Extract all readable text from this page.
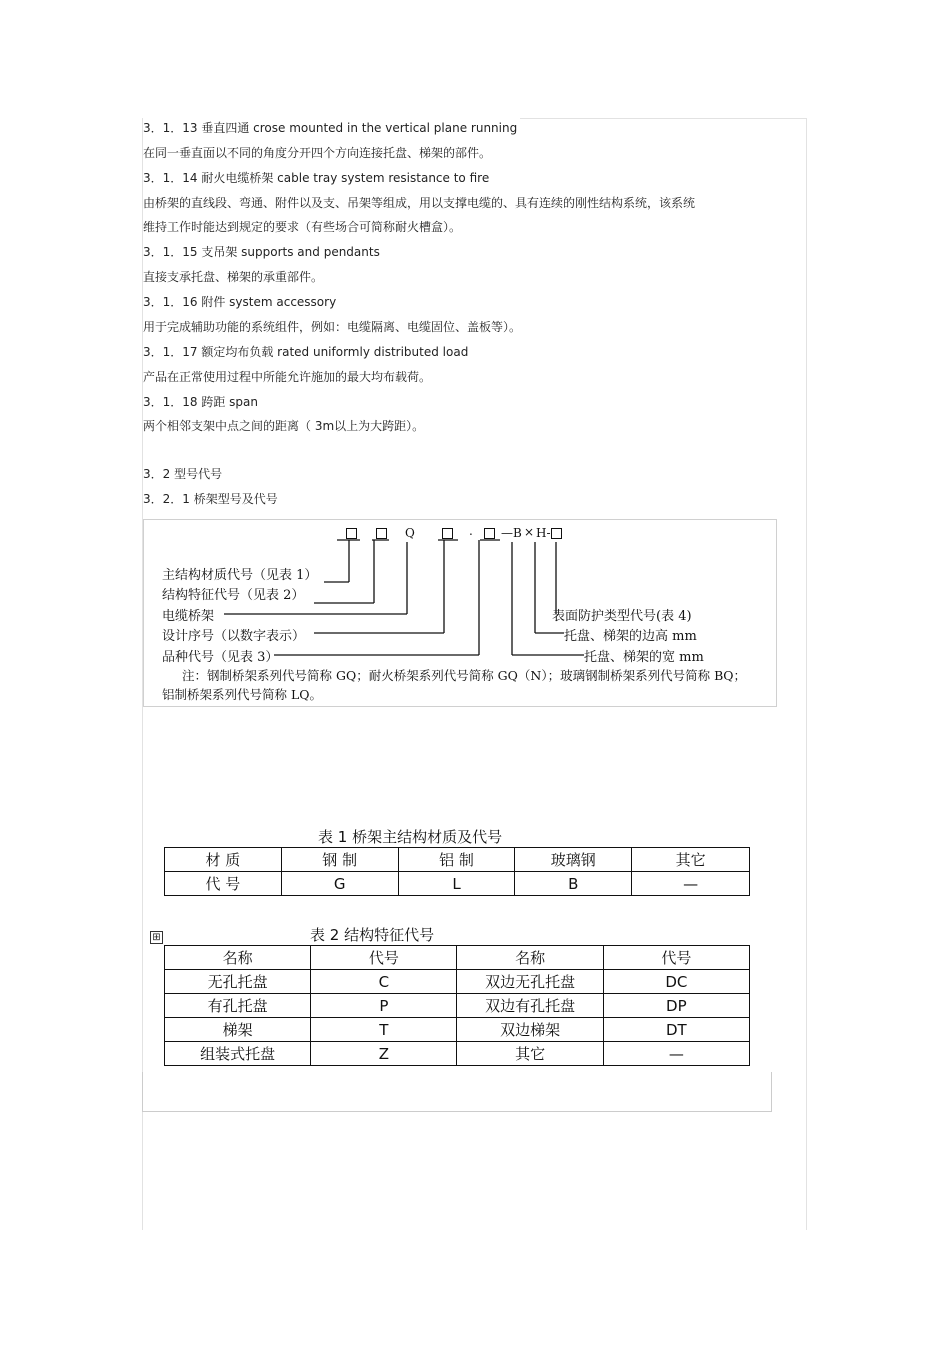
3．1．13 垂直四通 crose mounted in the vertical plane running
在同一垂直面以不同的角度分开四个方向连接托盘、梯架的部件。
3．1．14 耐火电缆桥架 cable tray system resistance to fire
由桥架的直线段、弯通、附件以及支、吊架等组成，用以支撑电缆的、具有连续的刚性结构系统，该系统
维持工作时能达到规定的要求（有些场合可简称耐火槽盒）。
3．1．15 支吊架 supports and pendants
直接支承托盘、梯架的承重部件。
3．1．16 附件 system accessory
用于完成辅助功能的系统组件，例如：电缆隔离、电缆固位、盖板等）。
3．1．17 额定均布负载 rated uniformly distributed load
产品在正常使用过程中所能允许施加的最大均布载荷。
3．1．18 跨距 span
两个相邻支架中点之间的距离（ 3m以上为大跨距）。
3．2 型号代号
3．2．1 桥架型号及代号
Q	. —B × H-
主结构材质代号（见表 1）
结构特征代号（见表 2）
电缆桥架
设计序号（以数字表示）
品种代号（见表 3）
表面防护类型代号(表 4)
托盘、梯架的边高 mm
托盘、梯架的宽 mm
注：钢制桥架系列代号简称 GQ；耐火桥架系列代号简称 GQ（N）；玻璃钢制桥架系列代号简称 BQ；
铝制桥架系列代号简称 LQ。
表 1 桥架主结构材质及代号
材 质	钢 制	铝 制	玻璃钢	其它
代 号	G	L	B	—
⊞	表 2 结构特征代号
名称	代号	名称	代号
无孔托盘	C	双边无孔托盘	DC
有孔托盘	P	双边有孔托盘	DP
梯架	T	双边梯架	DT
组装式托盘	Z	其它	—
